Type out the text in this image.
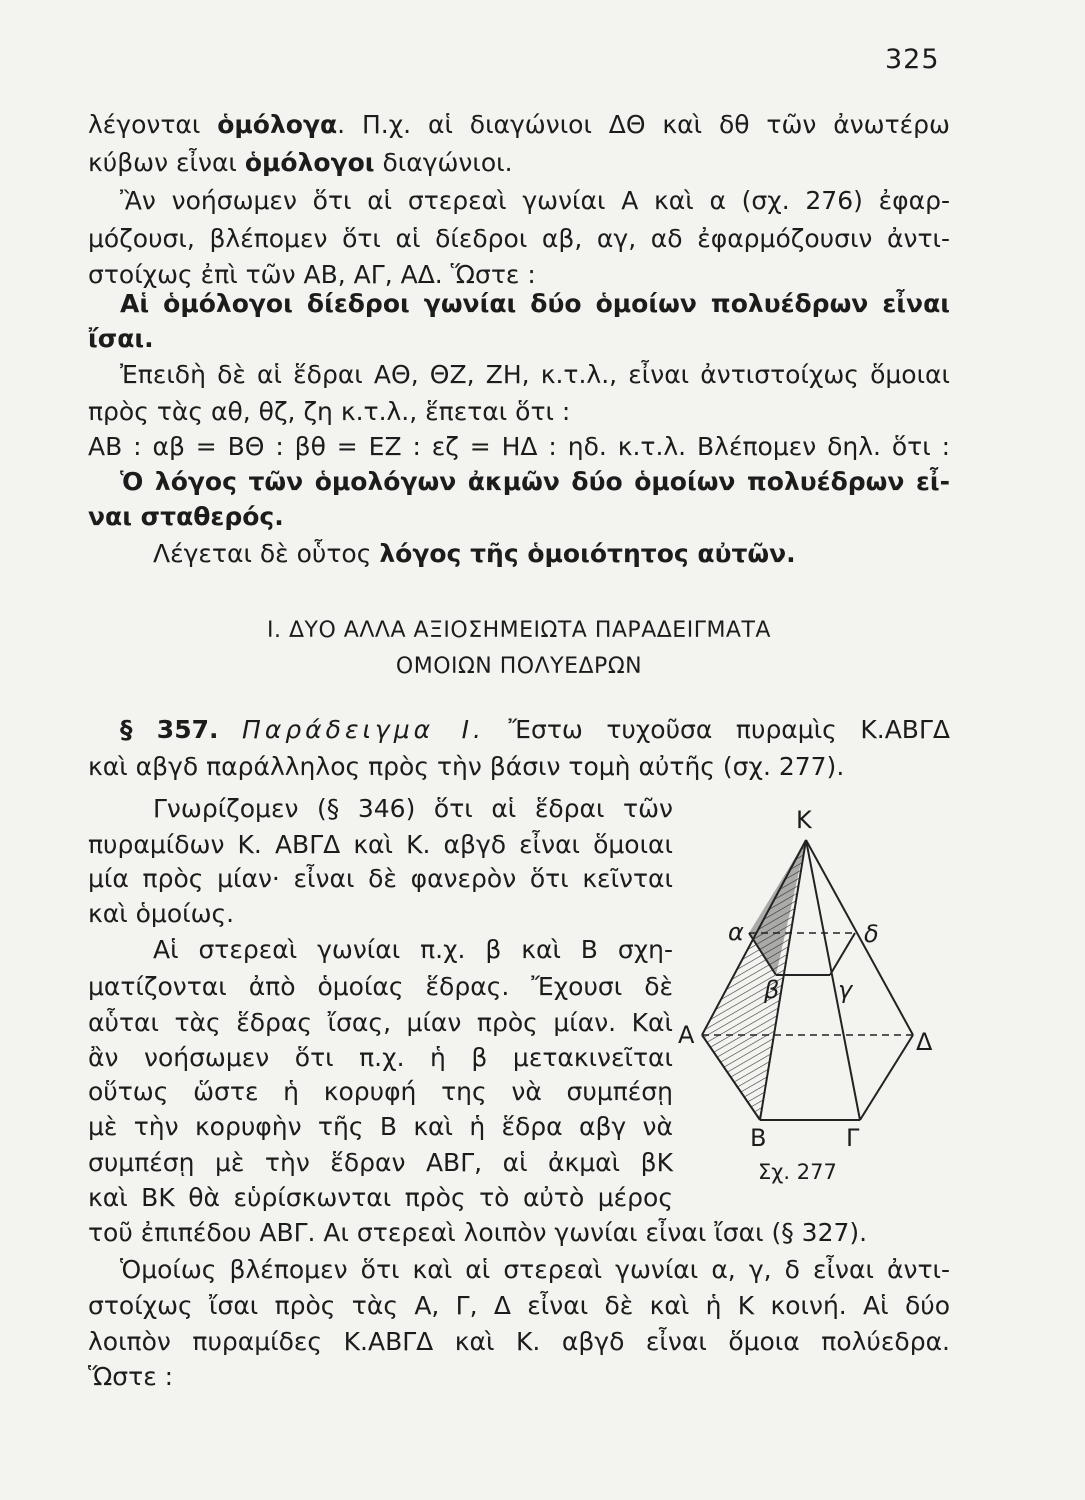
325
λέγονται ὁμόλογα. Π.χ. αἱ διαγώνιοι ΔΘ καὶ δθ τῶν ἀνωτέρω
κύβων εἶναι ὁμόλογοι διαγώνιοι.
Ἂν νοήσωμεν ὅτι αἱ στερεαὶ γωνίαι Α καὶ α (σχ. 276) ἐφαρ-
μόζουσι, βλέπομεν ὅτι αἱ δίεδροι αβ, αγ, αδ ἐφαρμόζουσιν ἀντι-
στοίχως ἐπὶ τῶν ΑΒ, ΑΓ, ΑΔ. Ὥστε :
Αἱ ὁμόλογοι δίεδροι γωνίαι δύο ὁμοίων πολυέδρων εἶναι
ἴσαι.
Ἐπειδὴ δὲ αἱ ἕδραι ΑΘ, ΘΖ, ΖΗ, κ.τ.λ., εἶναι ἀντιστοίχως ὅμοιαι
πρὸς τὰς αθ, θζ, ζη κ.τ.λ., ἕπεται ὅτι :
ΑΒ : αβ = ΒΘ : βθ = ΕΖ : εζ = ΗΔ : ηδ. κ.τ.λ. Βλέπομεν δηλ. ὅτι :
Ὁ λόγος τῶν ὁμολόγων ἀκμῶν δύο ὁμοίων πολυέδρων εἶ-
ναι σταθερός.
Λέγεται δὲ οὗτος λόγος τῆς ὁμοιότητος αὐτῶν.
Ι. ΔΥΟ ΑΛΛΑ ΑΞΙΟΣΗΜΕΙΩΤΑ ΠΑΡΑΔΕΙΓΜΑΤΑ
ΟΜΟΙΩΝ ΠΟΛΥΕΔΡΩΝ
§ 357. Παράδειγμα Ι. Ἔστω τυχοῦσα πυραμὶς Κ.ΑΒΓΔ
καὶ αβγδ παράλληλος πρὸς τὴν βάσιν τομὴ αὐτῆς (σχ. 277).
Γνωρίζομεν (§ 346) ὅτι αἱ ἕδραι τῶν
πυραμίδων Κ. ΑΒΓΔ καὶ Κ. αβγδ εἶναι ὅμοιαι
μία πρὸς μίαν· εἶναι δὲ φανερὸν ὅτι κεῖνται
καὶ ὁμοίως.
Αἱ στερεαὶ γωνίαι π.χ. β καὶ Β σχη-
ματίζονται ἀπὸ ὁμοίας ἕδρας. Ἔχουσι δὲ
αὗται τὰς ἕδρας ἴσας, μίαν πρὸς μίαν. Καὶ
ἂν νοήσωμεν ὅτι π.χ. ἡ β μετακινεῖται
οὕτως ὥστε ἡ κορυφή της νὰ συμπέσῃ
μὲ τὴν κορυφὴν τῆς Β καὶ ἡ ἕδρα αβγ νὰ
συμπέσῃ μὲ τὴν ἕδραν ΑΒΓ, αἱ ἀκμαὶ βΚ
καὶ ΒΚ θὰ εὑρίσκωνται πρὸς τὸ αὐτὸ μέρος
τοῦ ἐπιπέδου ΑΒΓ. Αι στερεαὶ λοιπὸν γωνίαι εἶναι ἴσαι (§ 327).
Ὁμοίως βλέπομεν ὅτι καὶ αἱ στερεαὶ γωνίαι α, γ, δ εἶναι ἀντι-
στοίχως ἴσαι πρὸς τὰς Α, Γ, Δ εἶναι δὲ καὶ ἡ Κ κοινή. Αἱ δύο
λοιπὸν πυραμίδες Κ.ΑΒΓΔ καὶ Κ. αβγδ εἶναι ὅμοια πολύεδρα.
Ὥστε :
Κ
α	δ
β γ
Α	Δ
Β	Γ
Σχ. 277
